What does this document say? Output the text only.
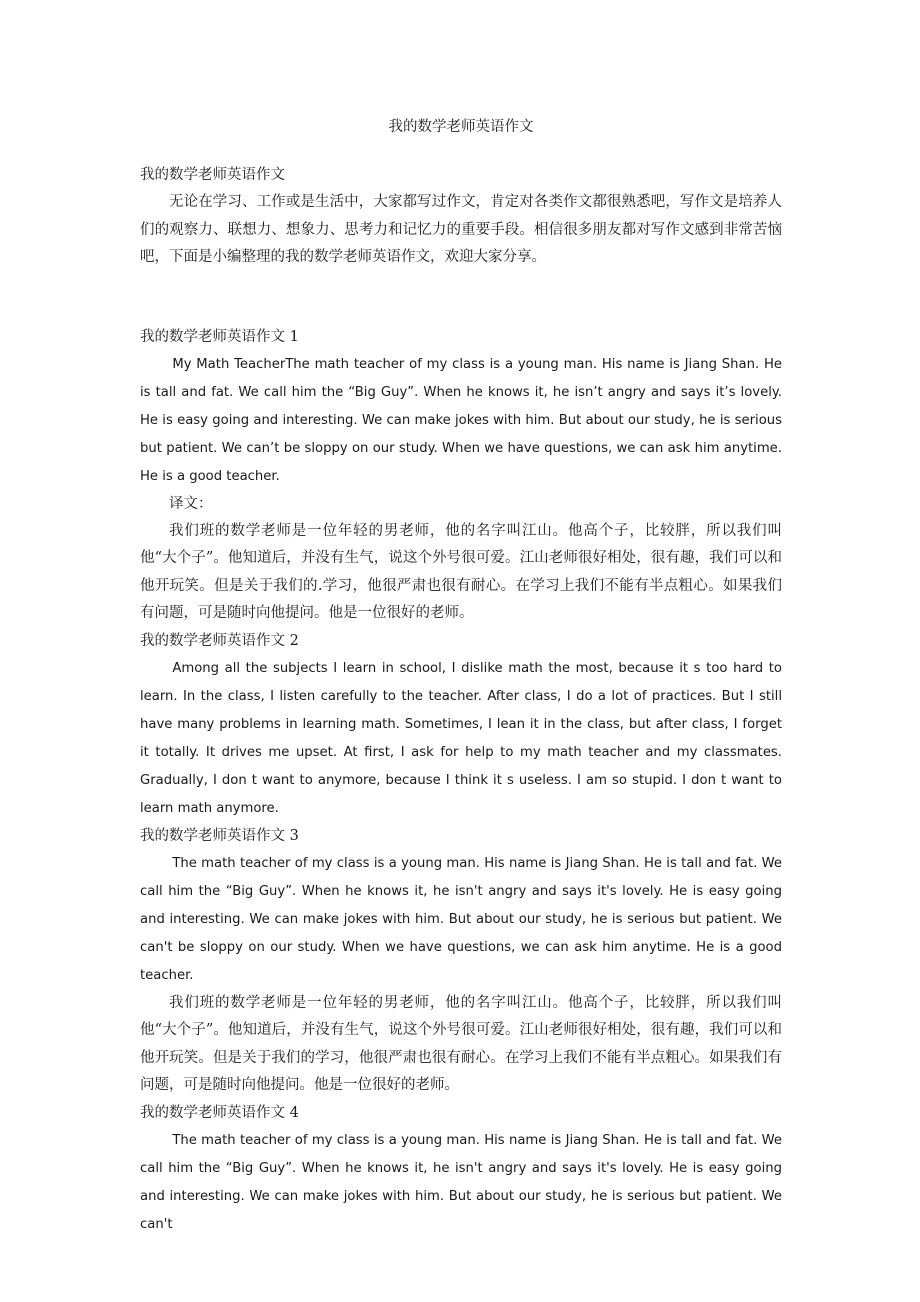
我的数学老师英语作文

我的数学老师英语作文

无论在学习、工作或是生活中，大家都写过作文，肯定对各类作文都很熟悉吧，写作文是培养人们的观察力、联想力、想象力、思考力和记忆力的重要手段。相信很多朋友都对写作文感到非常苦恼吧，下面是小编整理的我的数学老师英语作文，欢迎大家分享。

我的数学老师英语作文 1

My Math TeacherThe math teacher of my class is a young man. His name is Jiang Shan. He is tall and fat. We call him the “Big Guy”. When he knows it, he isn’t angry and says it’s lovely. He is easy going and interesting. We can make jokes with him. But about our study, he is serious but patient. We can’t be sloppy on our study. When we have questions, we can ask him anytime. He is a good teacher.

译文：

我们班的数学老师是一位年轻的男老师，他的名字叫江山。他高个子，比较胖，所以我们叫他“大个子”。他知道后，并没有生气，说这个外号很可爱。江山老师很好相处，很有趣，我们可以和他开玩笑。但是关于我们的.学习，他很严肃也很有耐心。在学习上我们不能有半点粗心。如果我们有问题，可是随时向他提问。他是一位很好的老师。

我的数学老师英语作文 2

Among all the subjects I learn in school, I dislike math the most, because it s too hard to learn. In the class, I listen carefully to the teacher. After class, I do a lot of practices. But I still have many problems in learning math. Sometimes, I lean it in the class, but after class, I forget it totally. It drives me upset. At first, I ask for help to my math teacher and my classmates. Gradually, I don t want to anymore, because I think it s useless. I am so stupid. I don t want to learn math anymore.

我的数学老师英语作文 3

The math teacher of my class is a young man. His name is Jiang Shan. He is tall and fat. We call him the “Big Guy”. When he knows it, he isn't angry and says it's lovely. He is easy going and interesting. We can make jokes with him. But about our study, he is serious but patient. We can't be sloppy on our study. When we have questions, we can ask him anytime. He is a good teacher.

我们班的数学老师是一位年轻的男老师，他的名字叫江山。他高个子，比较胖，所以我们叫他“大个子”。他知道后，并没有生气，说这个外号很可爱。江山老师很好相处，很有趣，我们可以和他开玩笑。但是关于我们的学习，他很严肃也很有耐心。在学习上我们不能有半点粗心。如果我们有问题，可是随时向他提问。他是一位很好的老师。

我的数学老师英语作文 4

The math teacher of my class is a young man. His name is Jiang Shan. He is tall and fat. We call him the “Big Guy”. When he knows it, he isn't angry and says it's lovely. He is easy going and interesting. We can make jokes with him. But about our study, he is serious but patient. We can't
